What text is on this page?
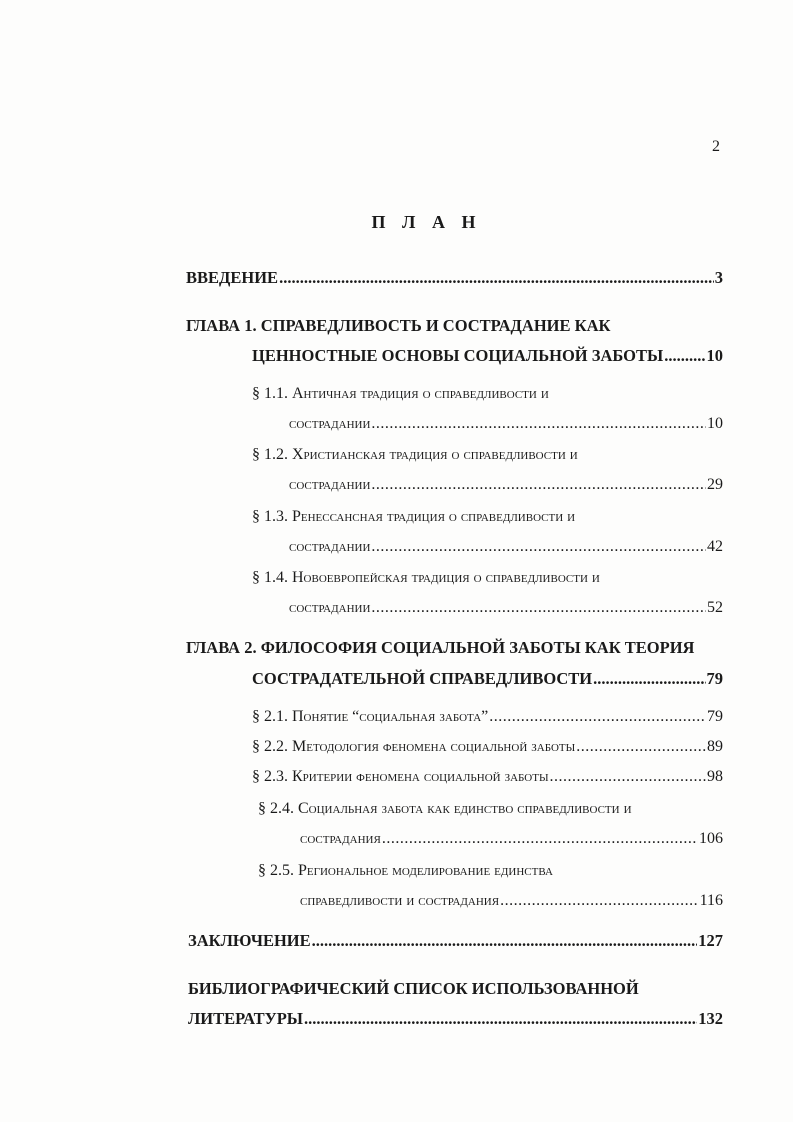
2
П Л А Н
ВВЕДЕНИЕ .....	3
ГЛАВА 1. СПРАВЕДЛИВОСТЬ И СОСТРАДАНИЕ КАК
ЦЕННОСТНЫЕ ОСНОВЫ СОЦИАЛЬНОЙ ЗАБОТЫ .....	10
§ 1.1. Античная традиция о справедливости и
сострадании .....	10
§ 1.2. Христианская традиция о справедливости и
сострадании .....	29
§ 1.3. Ренессансная традиция о справедливости и
сострадании .....	42
§ 1.4. Новоевропейская традиция о справедливости и
сострадании .....	52
ГЛАВА 2. ФИЛОСОФИЯ СОЦИАЛЬНОЙ ЗАБОТЫ КАК ТЕОРИЯ
СОСТРАДАТЕЛЬНОЙ СПРАВЕДЛИВОСТИ .....	79
§ 2.1. Понятие “социальная забота” .....	79
§ 2.2. Методология феномена социальной заботы .....	89
§ 2.3. Критерии феномена социальной заботы .....	98
§ 2.4. Социальная забота как единство справедливости и
сострадания .....	106
§ 2.5. Региональное моделирование единства
справедливости и сострадания .....	116
ЗАКЛЮЧЕНИЕ .....	127
БИБЛИОГРАФИЧЕСКИЙ СПИСОК ИСПОЛЬЗОВАННОЙ
ЛИТЕРАТУРЫ .....	132
